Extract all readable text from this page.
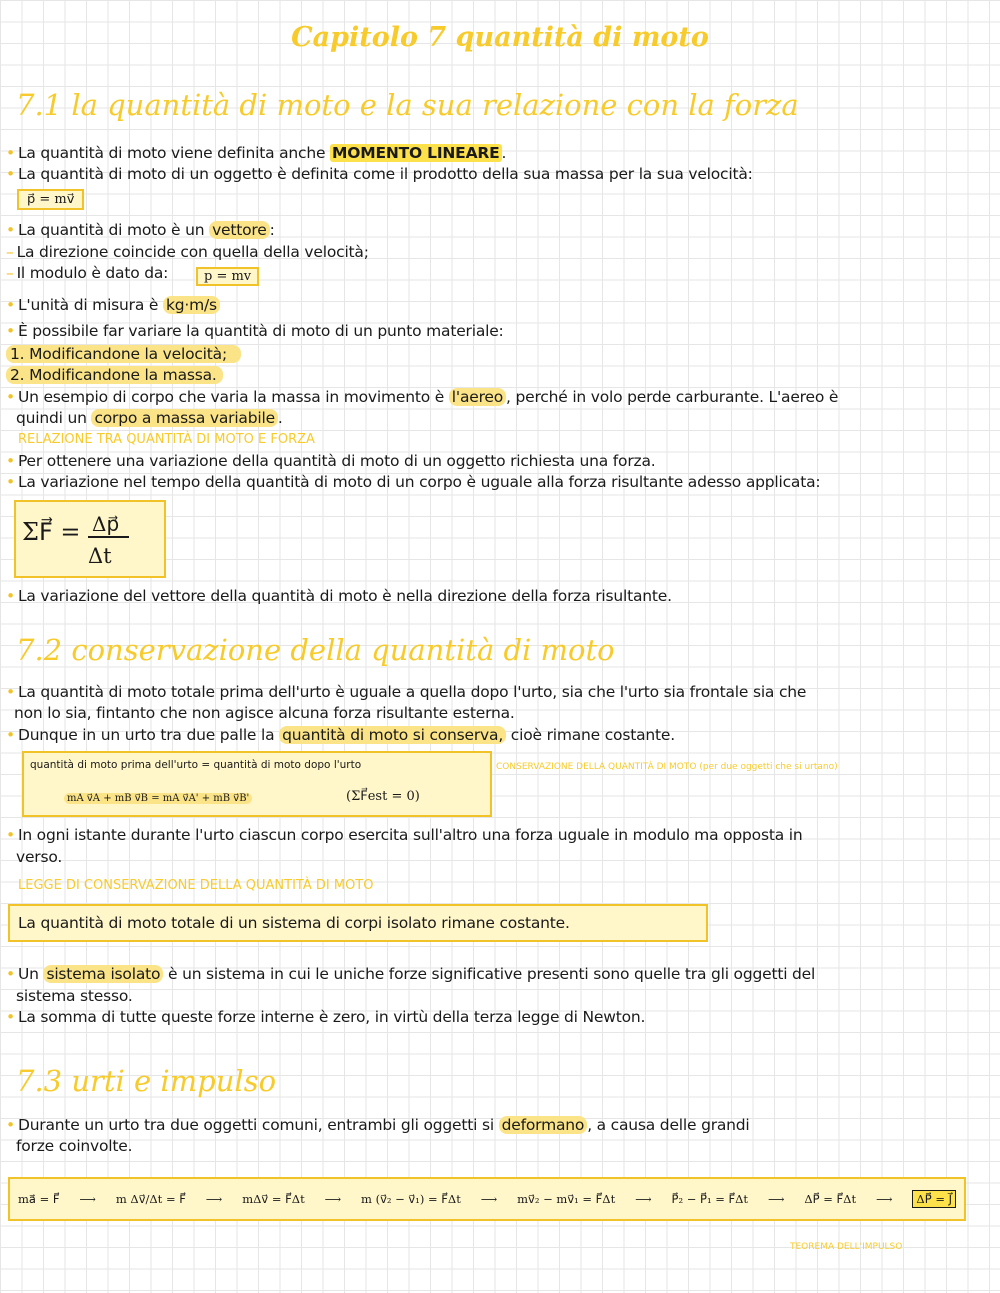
Capitolo 7 quantità di moto
7.1 la quantità di moto e la sua relazione con la forza
• La quantità di moto viene definita anche MOMENTO LINEARE .
• La quantità di moto di un oggetto è definita come il prodotto della sua massa per la sua velocità:
p⃗ = mv⃗
• La quantità di moto è un vettore :
– La direzione coincide con quella della velocità;
– Il modulo è dato da:	p = mv
• L'unità di misura è kg·m/s
• È possibile far variare la quantità di moto di un punto materiale:
1. Modificandone la velocità;
2. Modificandone la massa.
• Un esempio di corpo che varia la massa in movimento è l'aereo , perché in volo perde carburante. L'aereo è
quindi un corpo a massa variabile .
RELAZIONE TRA QUANTITÀ DI MOTO E FORZA
• Per ottenere una variazione della quantità di moto di un oggetto richiesta una forza.
• La variazione nel tempo della quantità di moto di un corpo è uguale alla forza risultante adesso applicata:
ΣF⃗ = Δp⃗
Δt
• La variazione del vettore della quantità di moto è nella direzione della forza risultante.
7.2 conservazione della quantità di moto
• La quantità di moto totale prima dell'urto è uguale a quella dopo l'urto, sia che l'urto sia frontale sia che
non lo sia, fintanto che non agisce alcuna forza risultante esterna.
• Dunque in un urto tra due palle la quantità di moto si conserva, cioè rimane costante.
quantità di moto prima dell'urto = quantità di moto dopo l'urto
mA v⃗A + mB v⃗B = mA v⃗A' + mB v⃗B'	(ΣF⃗est = 0)
CONSERVAZIONE DELLA QUANTITÀ DI MOTO (per due oggetti che si urtano)
• In ogni istante durante l'urto ciascun corpo esercita sull'altro una forza uguale in modulo ma opposta in
verso.
LEGGE DI CONSERVAZIONE DELLA QUANTITÀ DI MOTO
La quantità di moto totale di un sistema di corpi isolato rimane costante.
• Un sistema isolato è un sistema in cui le uniche forze significative presenti sono quelle tra gli oggetti del
sistema stesso.
• La somma di tutte queste forze interne è zero, in virtù della terza legge di Newton.
7.3 urti e impulso
• Durante un urto tra due oggetti comuni, entrambi gli oggetti si deformano , a causa delle grandi
forze coinvolte.
ma⃗ = F⃗ ⟶ m Δv⃗/Δt = F⃗ ⟶ mΔv⃗ = F⃗Δt ⟶ m (v⃗₂ − v⃗₁) = F⃗Δt ⟶ mv⃗₂ − mv⃗₁ = F⃗Δt ⟶ P⃗₂ − P⃗₁ = F⃗Δt ⟶ ΔP⃗ = F⃗Δt ⟶	ΔP⃗ = J⃗
TEOREMA DELL'IMPULSO
